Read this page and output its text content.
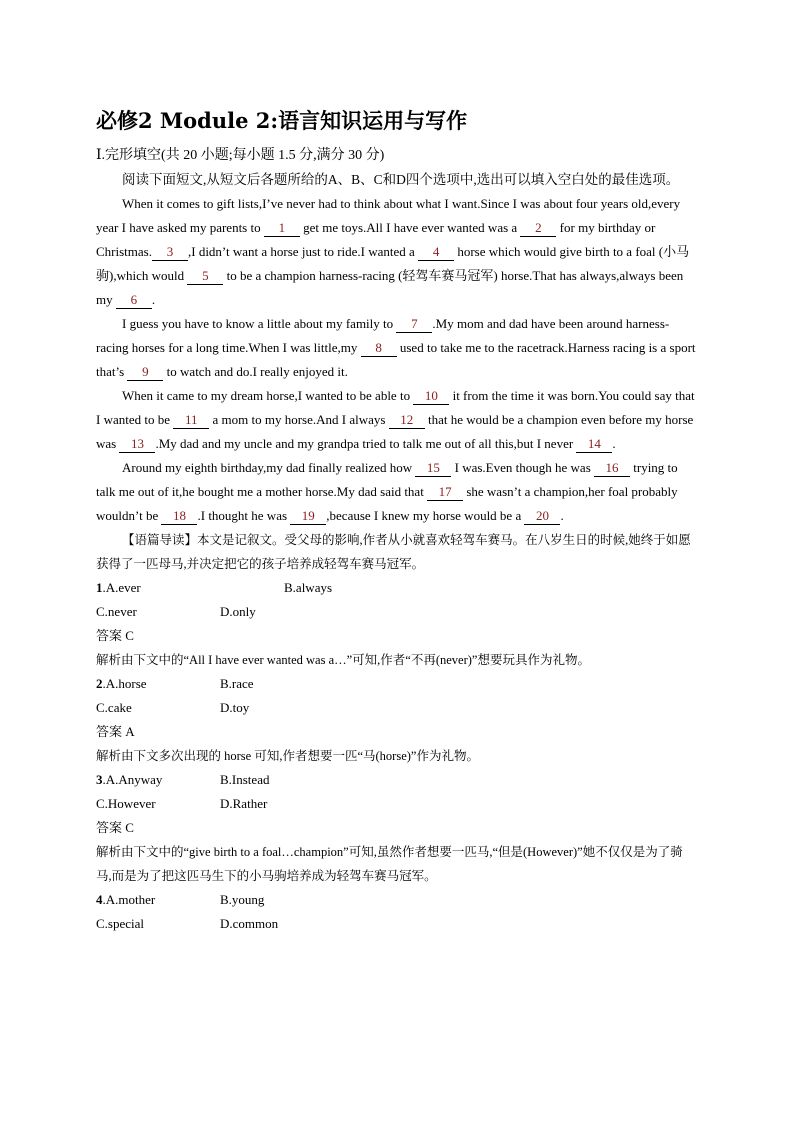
必修2 Module 2:语言知识运用与写作
Ⅰ.完形填空(共 20 小题;每小题 1.5 分,满分 30 分)

阅读下面短文,从短文后各题所给的A、B、C和D四个选项中,选出可以填入空白处的最佳选项。

When it comes to gift lists,I’ve never had to think about what I want.Since I was about four years old,every year I have asked my parents to 1 get me toys.All I have ever wanted was a 2 for my birthday or Christmas. 3 ,I didn’t want a horse just to ride.I wanted a 4 horse which would give birth to a foal (小马驹),which would 5 to be a champion harness-racing (轻驾车赛马冠军) horse.That has always,always been my 6 .

I guess you have to know a little about my family to 7 .My mom and dad have been around harness-racing horses for a long time.When I was little,my 8 used to take me to the racetrack.Harness racing is a sport that’s 9 to watch and do.I really enjoyed it.

When it came to my dream horse,I wanted to be able to 10 it from the time it was born.You could say that I wanted to be 11 a mom to my horse.And I always 12 that he would be a champion even before my horse was 13 .My dad and my uncle and my grandpa tried to talk me out of all this,but I never 14 .

Around my eighth birthday,my dad finally realized how 15 I was.Even though he was 16 trying to talk me out of it,he bought me a mother horse.My dad said that 17 she wasn’t a champion,her foal probably wouldn’t be 18 .I thought he was 19 ,because I knew my horse would be a 20 .

【语篇导读】本文是记叙文。受父母的影响,作者从小就喜欢轻驾车赛马。在八岁生日的时候,她终于如愿获得了一匹母马,并决定把它的孩子培养成轻驾车赛马冠军。

1.A.ever	B.always
C.never	D.only
答案 C
解析由下文中的“All I have ever wanted was a…”可知,作者“不再(never)”想要玩具作为礼物。
2.A.horse	B.race
C.cake	D.toy
答案 A
解析由下文多次出现的 horse 可知,作者想要一匹“马(horse)”作为礼物。
3.A.Anyway	B.Instead
C.However	D.Rather
答案 C
解析由下文中的“give birth to a foal…champion”可知,虽然作者想要一匹马,“但是(However)”她不仅仅是为了骑马,而是为了把这匹马生下的小马驹培养成为轻驾车赛马冠军。
4.A.mother	B.young
C.special	D.common
